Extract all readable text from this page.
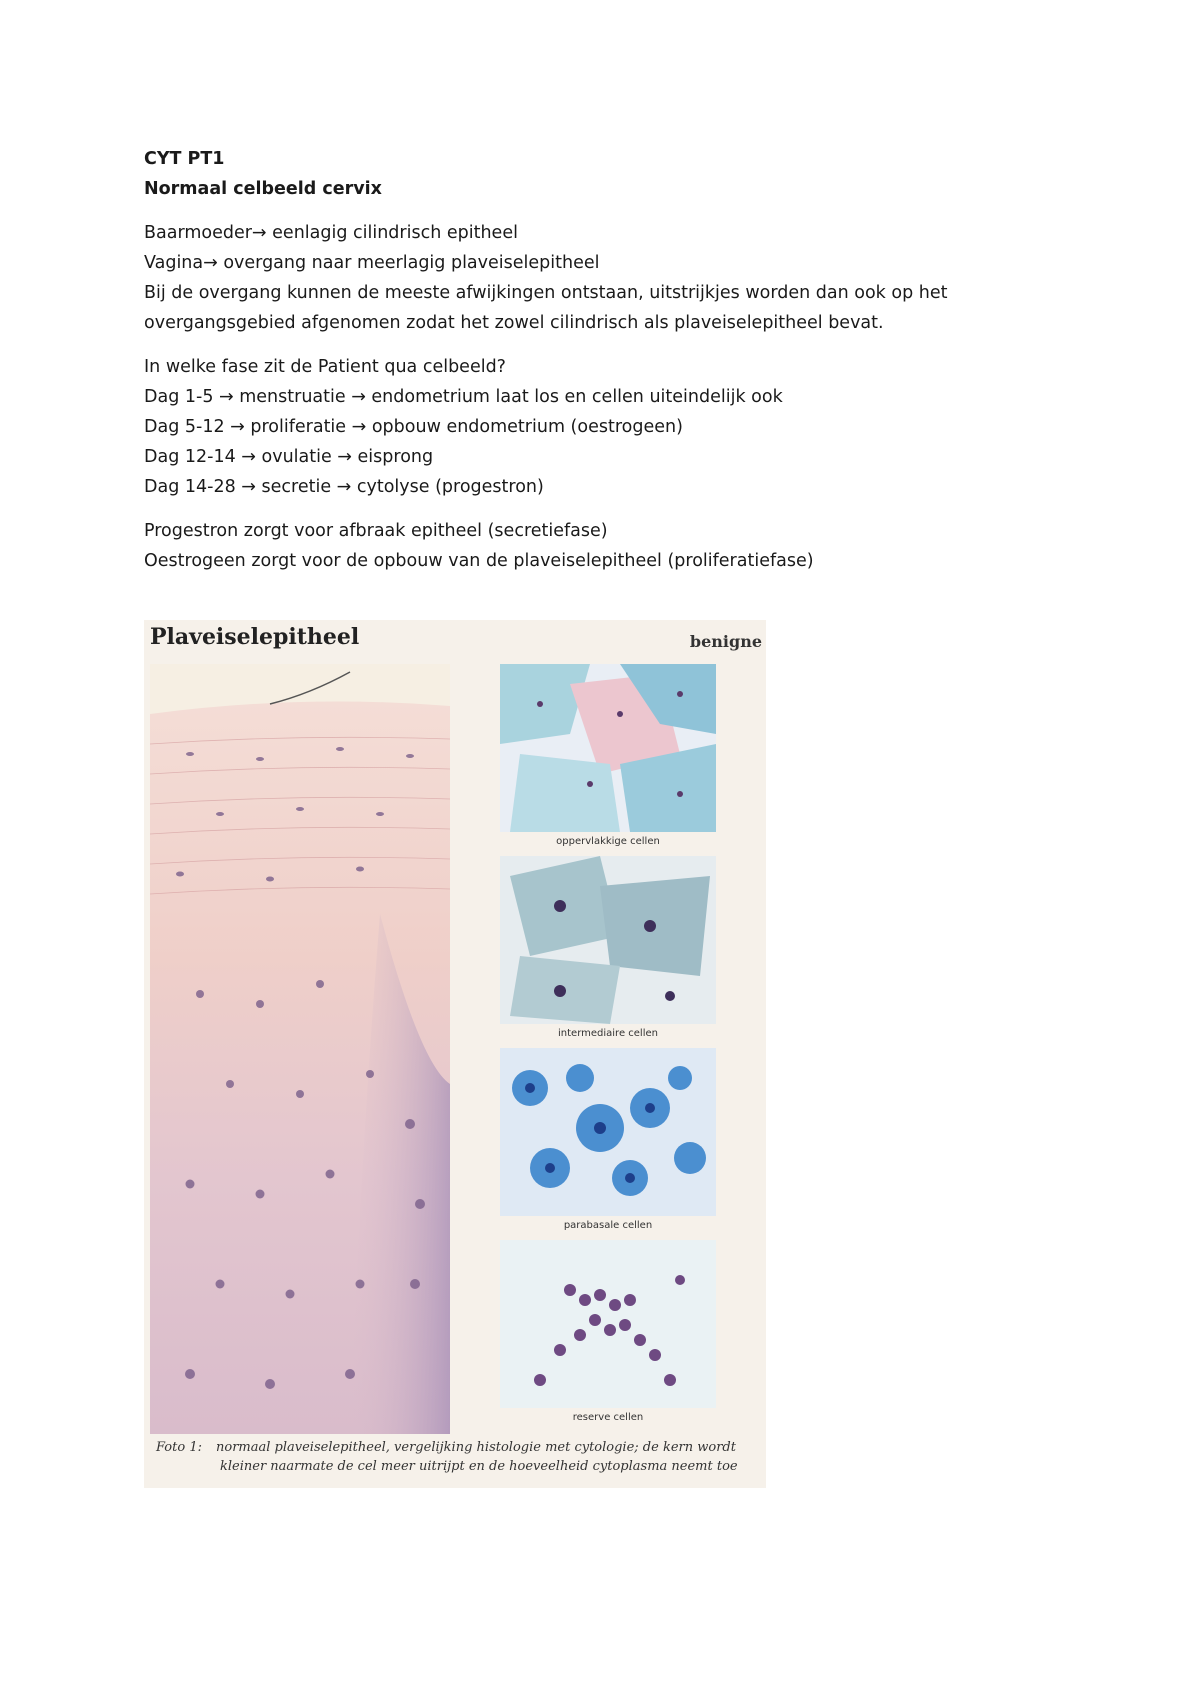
CYT PT1

Normaal celbeeld cervix

Baarmoeder→ eenlagig cilindrisch epitheel

Vagina→ overgang naar meerlagig plaveiselepitheel

Bij de overgang kunnen de meeste afwijkingen ontstaan, uitstrijkjes worden dan ook op het

overgangsgebied afgenomen zodat het zowel cilindrisch als plaveiselepitheel bevat.

In welke fase zit de Patient qua celbeeld?

Dag 1-5 → menstruatie → endometrium laat los en cellen uiteindelijk ook

Dag 5-12 → proliferatie → opbouw endometrium (oestrogeen)

Dag 12-14 → ovulatie → eisprong

Dag 14-28 → secretie → cytolyse (progestron)

Progestron zorgt voor afbraak epitheel (secretiefase)

Oestrogeen zorgt voor de opbouw van de plaveiselepitheel (proliferatiefase)

Plaveiselepitheel	benigne
oppervlakkige cellen
intermediaire cellen
parabasale cellen
reserve cellen
Foto 1: normaal plaveiselepitheel, vergelijking histologie met cytologie; de kern wordt
kleiner naarmate de cel meer uitrijpt en de hoeveelheid cytoplasma neemt toe
